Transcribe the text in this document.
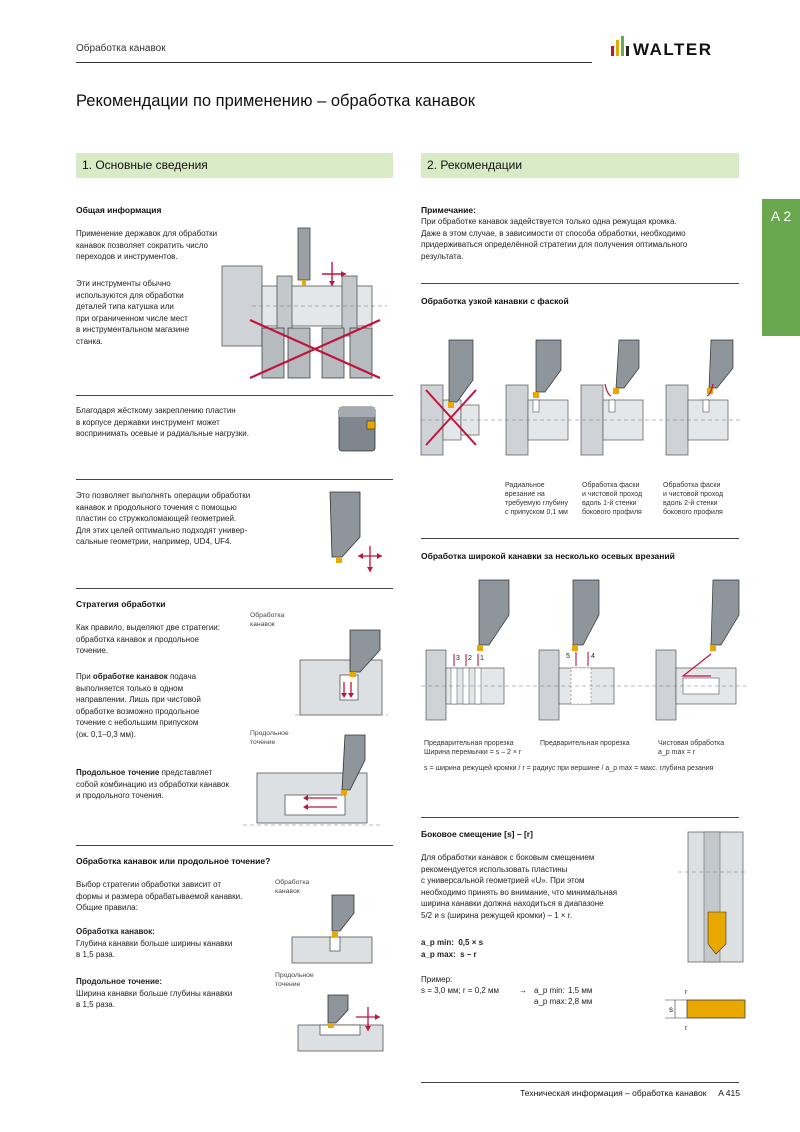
Обработка канавок	WALTER
Рекомендации по применению – обработка канавок
A 2
1. Основные сведения	2. Рекомендации
Общая информация
Применение державок для обработки
канавок позволяет сократить число
переходов и инструментов.
Эти инструменты обычно
используются для обработки
деталей типа катушка или
при ограниченном числе мест
в инструментальном магазине
станка.
Благодаря жёсткому закреплению пластин
в корпусе державки инструмент может
воспринимать осевые и радиальные нагрузки.
Это позволяет выполнять операции обработки
канавок и продольного точения с помощью
пластин со стружколомающей геометрией.
Для этих целей оптимально подходят универ-
сальные геометрии, например, UD4, UF4.
Стратегия обработки
Как правило, выделяют две стратегии:
обработка канавок и продольное
точение.
При обработке канавок подача
выполняется только в одном
направлении. Лишь при чистовой
обработке возможно продольное
точение с небольшим припуском
(ок. 0,1–0,3 мм).
Продольное точение представляет
собой комбинацию из обработки канавок
и продольного точения.
Обработка
канавок
Продольное
точение
Обработка канавок или продольное точение?
Выбор стратегии обработки зависит от
формы и размера обрабатываемой канавки.
Общие правила:
Обработка канавок:
Глубина канавки больше ширины канавки
в 1,5 раза.
Продольное точение:
Ширина канавки больше глубины канавки
в 1,5 раза.
Обработка
канавок
Продольное
точение
Примечание:
При обработке канавок задействуется только одна режущая кромка.
Даже в этом случае, в зависимости от способа обработки, необходимо
придерживаться определённой стратегии для получения оптимального
результата.
Обработка узкой канавки с фаской
Радиальное
врезание на
требуемую глубину
с припуском 0,1 мм
Обработка фаски
и чистовой проход
вдоль 1-й стенки
бокового профиля
Обработка фаски
и чистовой проход
вдоль 2-й стенки
бокового профиля
Обработка широкой канавки за несколько осевых врезаний
3 2 1	5	4
Предварительная прорезка
Ширина перемычки = s – 2 × r
Предварительная прорезка	Чистовая обработка
a_p max = r
s = ширина режущей кромки / r = радиус при вершине / a_p max = макс. глубина резания
Боковое смещение [s] – [r]
Для обработки канавок с боковым смещением
рекомендуется использовать пластины
с универсальной геометрией «U». При этом
необходимо принять во внимание, что минимальная
ширина канавки должна находиться в диапазоне
5/2 и s (ширина режущей кромки) – 1 × r.
a_p min: 0,5 × s
a_p max: s – r
Пример:
s = 3,0 мм; r = 0,2 мм → a_p min: 1,5 мм
a_p max: 2,8 мм
s
r
r
Техническая информация – обработка канавок A 415
